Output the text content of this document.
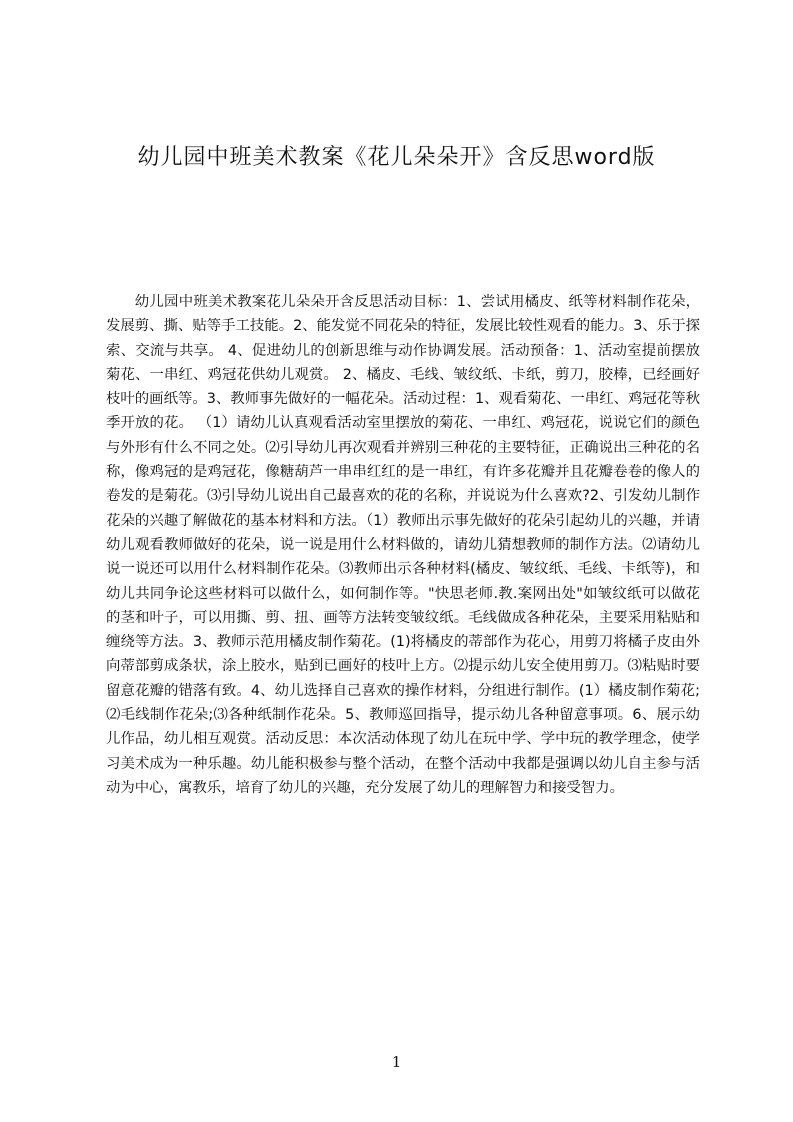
幼儿园中班美术教案《花儿朵朵开》含反思word版
幼儿园中班美术教案花儿朵朵开含反思活动目标：1、尝试用橘皮、纸等材料制作花朵，发展剪、撕、贴等手工技能。2、能发觉不同花朵的特征，发展比较性观看的能力。3、乐于探索、交流与共享。 4、促进幼儿的创新思维与动作协调发展。活动预备：1、活动室提前摆放菊花、一串红、鸡冠花供幼儿观赏。 2、橘皮、毛线、皱纹纸、卡纸，剪刀，胶棒，已经画好枝叶的画纸等。3、教师事先做好的一幅花朵。活动过程：1、观看菊花、一串红、鸡冠花等秋季开放的花。 （1）请幼儿认真观看活动室里摆放的菊花、一串红、鸡冠花，说说它们的颜色与外形有什么不同之处。⑵引导幼儿再次观看并辨别三种花的主要特征，正确说出三种花的名称，像鸡冠的是鸡冠花，像糖葫芦一串串红红的是一串红，有许多花瓣并且花瓣卷卷的像人的卷发的是菊花。⑶引导幼儿说出自己最喜欢的花的名称，并说说为什么喜欢?2、引发幼儿制作花朵的兴趣了解做花的基本材料和方法。（1）教师出示事先做好的花朵引起幼儿的兴趣，并请幼儿观看教师做好的花朵，说一说是用什么材料做的，请幼儿猜想教师的制作方法。⑵请幼儿说一说还可以用什么材料制作花朵。⑶教师出示各种材料(橘皮、皱纹纸、毛线、卡纸等)，和幼儿共同争论这些材料可以做什么，如何制作等。"快思老师.教.案网出处"如皱纹纸可以做花的茎和叶子，可以用撕、剪、扭、画等方法转变皱纹纸。毛线做成各种花朵，主要采用粘贴和缠绕等方法。3、教师示范用橘皮制作菊花。(1)将橘皮的蒂部作为花心，用剪刀将橘子皮由外向蒂部剪成条状，涂上胶水，贴到已画好的枝叶上方。⑵提示幼儿安全使用剪刀。⑶粘贴时要留意花瓣的错落有致。4、幼儿选择自己喜欢的操作材料，分组进行制作。(1）橘皮制作菊花;⑵毛线制作花朵;⑶各种纸制作花朵。5、教师巡回指导，提示幼儿各种留意事项。6、展示幼儿作品，幼儿相互观赏。活动反思：本次活动体现了幼儿在玩中学、学中玩的教学理念，使学习美术成为一种乐趣。幼儿能积极参与整个活动，在整个活动中我都是强调以幼儿自主参与活动为中心，寓教乐，培育了幼儿的兴趣，充分发展了幼儿的理解智力和接受智力。
1
